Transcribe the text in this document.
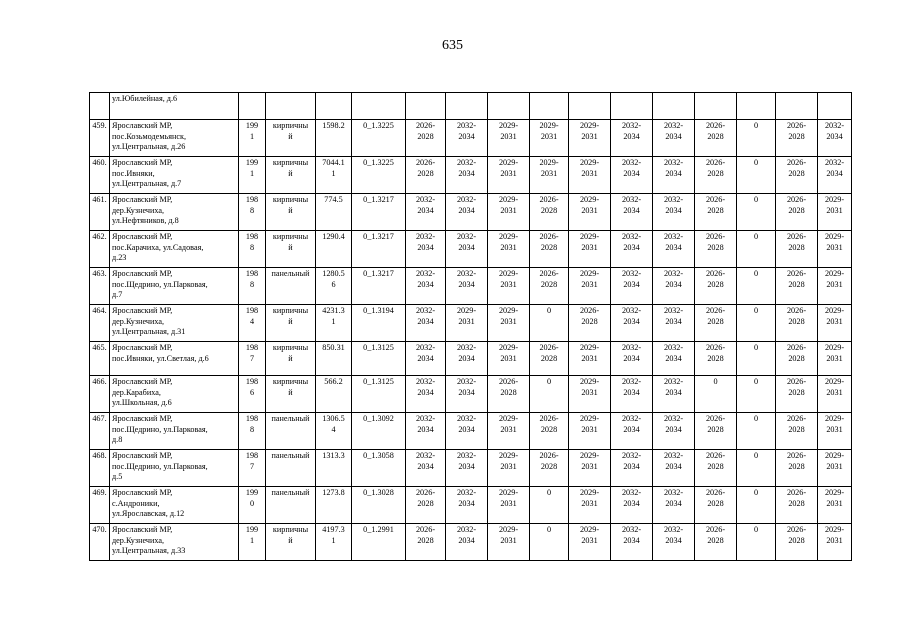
635
	ул.Юбилейная, д.6															
459.	Ярославский МР,
пос.Козьмодемьянск,
ул.Центральная, д.26	199
1	кирпичны
й	1598.2	0_1.3225	2026-
2028	2032-
2034	2029-
2031	2029-
2031	2029-
2031	2032-
2034	2032-
2034	2026-
2028	0	2026-
2028	2032-
2034
460.	Ярославский МР,
пос.Ивняки,
ул.Центральная, д.7	199
1	кирпичны
й	7044.1
1	0_1.3225	2026-
2028	2032-
2034	2029-
2031	2029-
2031	2029-
2031	2032-
2034	2032-
2034	2026-
2028	0	2026-
2028	2032-
2034
461.	Ярославский МР,
дер.Кузнечиха,
ул.Нефтяников, д.8	198
8	кирпичны
й	774.5	0_1.3217	2032-
2034	2032-
2034	2029-
2031	2026-
2028	2029-
2031	2032-
2034	2032-
2034	2026-
2028	0	2026-
2028	2029-
2031
462.	Ярославский МР,
пос.Карачиха, ул.Садовая,
д.23	198
8	кирпичны
й	1290.4	0_1.3217	2032-
2034	2032-
2034	2029-
2031	2026-
2028	2029-
2031	2032-
2034	2032-
2034	2026-
2028	0	2026-
2028	2029-
2031
463.	Ярославский МР,
пос.Щедрино, ул.Парковая,
д.7	198
8	панельный	1280.5
6	0_1.3217	2032-
2034	2032-
2034	2029-
2031	2026-
2028	2029-
2031	2032-
2034	2032-
2034	2026-
2028	0	2026-
2028	2029-
2031
464.	Ярославский МР,
дер.Кузнечиха,
ул.Центральная, д.31	198
4	кирпичны
й	4231.3
1	0_1.3194	2032-
2034	2029-
2031	2029-
2031	0	2026-
2028	2032-
2034	2032-
2034	2026-
2028	0	2026-
2028	2029-
2031
465.	Ярославский МР,
пос.Ивняки, ул.Светлая, д.6	198
7	кирпичны
й	850.31	0_1.3125	2032-
2034	2032-
2034	2029-
2031	2026-
2028	2029-
2031	2032-
2034	2032-
2034	2026-
2028	0	2026-
2028	2029-
2031
466.	Ярославский МР,
дер.Карабиха,
ул.Школьная, д.6	198
6	кирпичны
й	566.2	0_1.3125	2032-
2034	2032-
2034	2026-
2028	0	2029-
2031	2032-
2034	2032-
2034	0	0	2026-
2028	2029-
2031
467.	Ярославский МР,
пос.Щедрино, ул.Парковая,
д.8	198
8	панельный	1306.5
4	0_1.3092	2032-
2034	2032-
2034	2029-
2031	2026-
2028	2029-
2031	2032-
2034	2032-
2034	2026-
2028	0	2026-
2028	2029-
2031
468.	Ярославский МР,
пос.Щедрино, ул.Парковая,
д.5	198
7	панельный	1313.3	0_1.3058	2032-
2034	2032-
2034	2029-
2031	2026-
2028	2029-
2031	2032-
2034	2032-
2034	2026-
2028	0	2026-
2028	2029-
2031
469.	Ярославский МР,
с.Андроники,
ул.Ярославская, д.12	199
0	панельный	1273.8	0_1.3028	2026-
2028	2032-
2034	2029-
2031	0	2029-
2031	2032-
2034	2032-
2034	2026-
2028	0	2026-
2028	2029-
2031
470.	Ярославский МР,
дер.Кузнечиха,
ул.Центральная, д.33	199
1	кирпичны
й	4197.3
1	0_1.2991	2026-
2028	2032-
2034	2029-
2031	0	2029-
2031	2032-
2034	2032-
2034	2026-
2028	0	2026-
2028	2029-
2031
